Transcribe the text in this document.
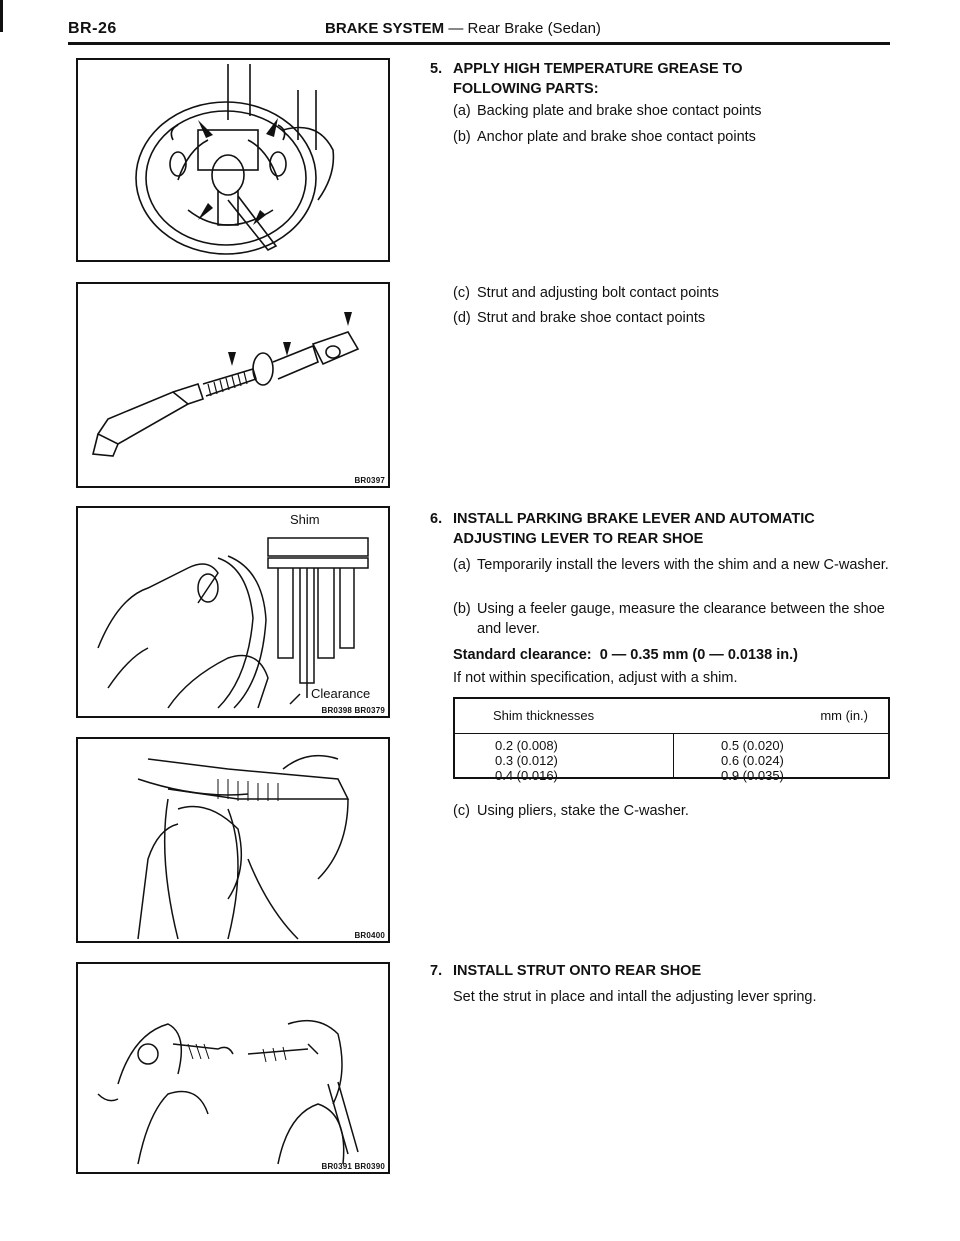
BR-26	BRAKE SYSTEM — Rear Brake (Sedan)
BR0397
Shim
Clearance
BR0398 BR0379
BR0400
BR0391 BR0390
5. APPLY HIGH TEMPERATURE GREASE TO FOLLOWING PARTS:
(a) Backing plate and brake shoe contact points
(b) Anchor plate and brake shoe contact points
(c) Strut and adjusting bolt contact points
(d) Strut and brake shoe contact points
6. INSTALL PARKING BRAKE LEVER AND AUTOMATIC ADJUSTING LEVER TO REAR SHOE
(a) Temporarily install the levers with the shim and a new C-washer.
(b) Using a feeler gauge, measure the clearance between the shoe and lever.
Standard clearance: 0 — 0.35 mm (0 — 0.0138 in.)
If not within specification, adjust with a shim.
Shim thicknesses	mm (in.)
0.2 (0.008)
0.3 (0.012)
0.4 (0.016)
0.5 (0.020)
0.6 (0.024)
0.9 (0.035)
(c) Using pliers, stake the C-washer.
7. INSTALL STRUT ONTO REAR SHOE
Set the strut in place and intall the adjusting lever spring.
